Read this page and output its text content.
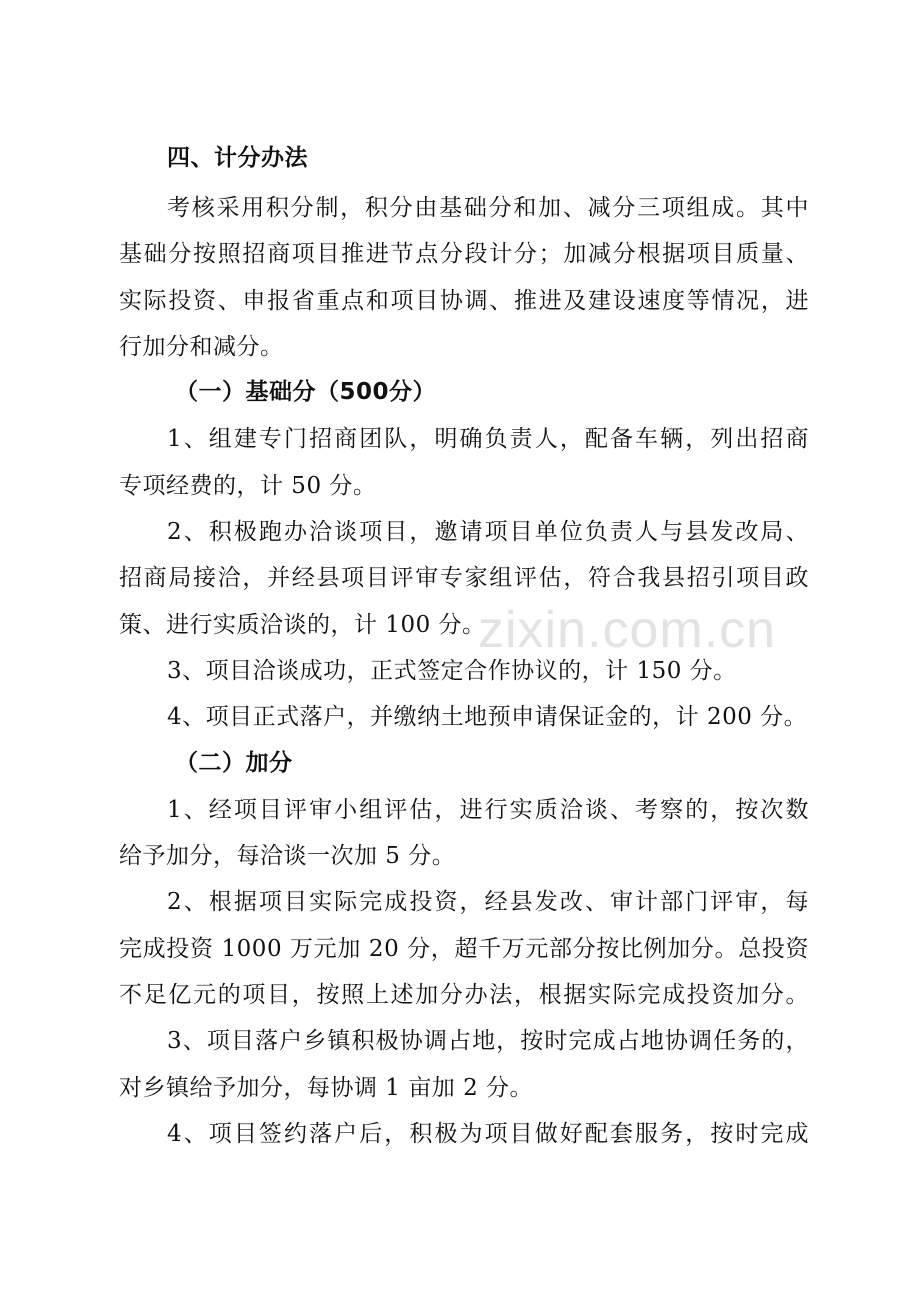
zixin.com.cn
四、计分办法
考核采用积分制，积分由基础分和加、减分三项组成。其中
基础分按照招商项目推进节点分段计分；加减分根据项目质量、
实际投资、申报省重点和项目协调、推进及建设速度等情况，进
行加分和减分。
（一）基础分（500分）
1、组建专门招商团队，明确负责人，配备车辆，列出招商
专项经费的，计 50 分。
2、积极跑办洽谈项目，邀请项目单位负责人与县发改局、
招商局接洽，并经县项目评审专家组评估，符合我县招引项目政
策、进行实质洽谈的，计 100 分。
3、项目洽谈成功，正式签定合作协议的，计 150 分。
4、项目正式落户，并缴纳土地预申请保证金的，计 200 分。
（二）加分
1、经项目评审小组评估，进行实质洽谈、考察的，按次数
给予加分，每洽谈一次加 5 分。
2、根据项目实际完成投资，经县发改、审计部门评审，每
完成投资 1000 万元加 20 分，超千万元部分按比例加分。总投资
不足亿元的项目，按照上述加分办法，根据实际完成投资加分。
3、项目落户乡镇积极协调占地，按时完成占地协调任务的，
对乡镇给予加分，每协调 1 亩加 2 分。
4、项目签约落户后，积极为项目做好配套服务，按时完成
